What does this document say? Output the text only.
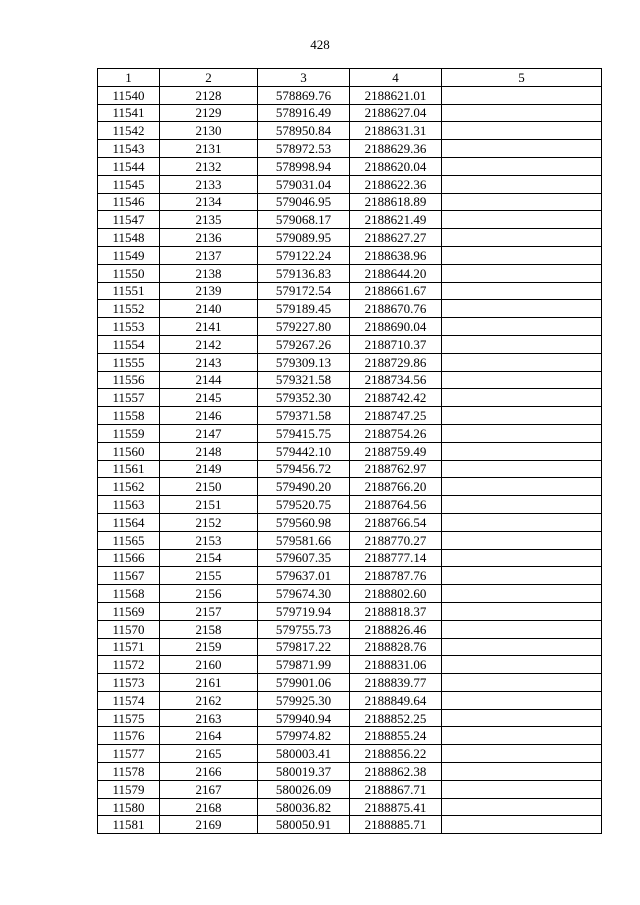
428
1	2	3	4	5
11540	2128	578869.76	2188621.01	
11541	2129	578916.49	2188627.04	
11542	2130	578950.84	2188631.31	
11543	2131	578972.53	2188629.36	
11544	2132	578998.94	2188620.04	
11545	2133	579031.04	2188622.36	
11546	2134	579046.95	2188618.89	
11547	2135	579068.17	2188621.49	
11548	2136	579089.95	2188627.27	
11549	2137	579122.24	2188638.96	
11550	2138	579136.83	2188644.20	
11551	2139	579172.54	2188661.67	
11552	2140	579189.45	2188670.76	
11553	2141	579227.80	2188690.04	
11554	2142	579267.26	2188710.37	
11555	2143	579309.13	2188729.86	
11556	2144	579321.58	2188734.56	
11557	2145	579352.30	2188742.42	
11558	2146	579371.58	2188747.25	
11559	2147	579415.75	2188754.26	
11560	2148	579442.10	2188759.49	
11561	2149	579456.72	2188762.97	
11562	2150	579490.20	2188766.20	
11563	2151	579520.75	2188764.56	
11564	2152	579560.98	2188766.54	
11565	2153	579581.66	2188770.27	
11566	2154	579607.35	2188777.14	
11567	2155	579637.01	2188787.76	
11568	2156	579674.30	2188802.60	
11569	2157	579719.94	2188818.37	
11570	2158	579755.73	2188826.46	
11571	2159	579817.22	2188828.76	
11572	2160	579871.99	2188831.06	
11573	2161	579901.06	2188839.77	
11574	2162	579925.30	2188849.64	
11575	2163	579940.94	2188852.25	
11576	2164	579974.82	2188855.24	
11577	2165	580003.41	2188856.22	
11578	2166	580019.37	2188862.38	
11579	2167	580026.09	2188867.71	
11580	2168	580036.82	2188875.41	
11581	2169	580050.91	2188885.71	
